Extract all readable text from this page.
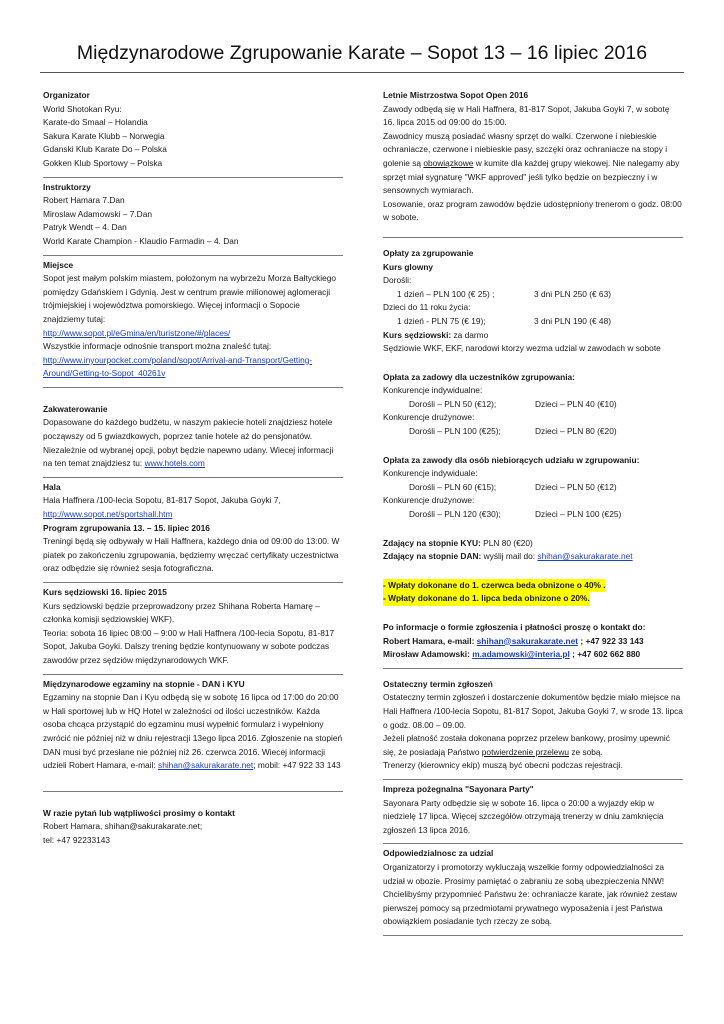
Międzynarodowe Zgrupowanie Karate – Sopot 13 – 16 lipiec 2016
Organizator
World Shotokan Ryu:
Karate-do Smaal – Holandia
Sakura Karate Klubb – Norwegia
Gdanski Klub Karate Do – Polska
Gokken Klub Sportowy – Polska
Instruktorzy
Robert Hamara 7.Dan
Miroslaw Adamowski – 7.Dan
Patryk Wendt – 4. Dan
World Karate Champion - Klaudio Farmadin – 4. Dan
Miejsce
Sopot jest małym polskim miastem, położonym na wybrzeżu Morza Bałtyckiego pomiędzy Gdańskiem i Gdynią. Jest w centrum prawie milionowej aglomeracji trójmiejskiej i województwa pomorskiego. Więcej informacji o Sopocie znajdziemy tutaj:
http://www.sopot.pl/eGmina/en/turistzone/#/places/
Wszystkie informacje odnośnie transport można znaleść tutaj:
http://www.inyourpocket.com/poland/sopot/Arrival-and-Transport/Getting-Around/Getting-to-Sopot_40261v
Zakwaterowanie
Dopasowane do każdego budżetu, w naszym pakiecie hoteli znajdziesz hotele począwszy od 5 gwiazdkowych, poprzez tanie hotele aż do pensjonatów. Niezależnie od wybranej opcji, pobyt będzie napewno udany. Wiecej informacji na ten temat znajdziesz tu: www.hotels.com
Hala
Hala Haffnera /100-lecia Sopotu, 81-817 Sopot, Jakuba Goyki 7,
http://www.sopot.net/sportshall.htm
Program zgrupowania 13. – 15. lipiec 2016
Treningi będą się odbywały w Hali Haffnera, każdego dnia od 09:00 do 13:00. W piatek po zakończeniu zgrupowania, będziemy wręczać certyfikaty uczestnictwa oraz odbędzie się również sesja fotograficzna.
Kurs sędziowski 16. lipiec 2015
Kurs sędziowski będzie przeprowadzony przez Shihana Roberta Hamarę – członka komisji sędziowskiej WKF).
Teoria: sobota 16 lipiec 08:00 – 9:00 w Hali Haffnera /100-lecia Sopotu, 81-817 Sopot, Jakuba Goyki. Dalszy trening będzie kontynuowany w sobote podczas zawodów przez sędziów międzynarodowych WKF.
Międzynarodowe egzaminy na stopnie - DAN i KYU
Egzaminy na stopnie Dan i Kyu odbędą się w sobotę 16 lipca od 17:00 do 20:00 w Hali sportowej lub w HQ Hotel w zależności od ilości uczestników. Każda osoba chcąca przystąpić do egzaminu musi wypełnić formularz i wypełniony zwrócić nie później niż w dniu rejestracji 13ego lipca 2016. Zgłoszenie na stopień DAN musi być przesłane nie później niż 26. czerwca 2016. Wiecej informacji udzieli Robert Hamara, e-mail: shihan@sakurakarate.net; mobil: +47 922 33 143
W razie pytań lub wątpliwości prosimy o kontakt
Robert Hamara, shihan@sakurakarate.net;
tel: +47 92233143
Letnie Mistrzostwa Sopot Open 2016
Zawody odbędą się w Hali Haffnera, 81-817 Sopot, Jakuba Goyki 7, w sobotę 16. lipca 2015 od 09:00 do 15:00.
Zawodnicy muszą posiadać własny sprzęt do walki. Czerwone i niebieskie ochraniacze, czerwone i niebieskie pasy, szczęki oraz ochraniacze na stopy i golenie są obowiązkowe w kumite dla każdej grupy wiekowej. Nie nalegamy aby sprzęt miał sygnaturę "WKF approved" jeśli tylko będzie on bezpieczny i w sensownych wymiarach.
Losowanie, oraz program zawodów będzie udostępniony trenerom o godz. 08:00 w sobote.
Opłaty za zgrupowanie
Kurs glowny
Dorośli:
1 dzień – PLN 100 (€ 25) ;	3 dni PLN 250 (€ 63)
Dzieci do 11 roku życia:
1 dzień - PLN 75 (€ 19);	3 dni PLN 190 (€ 48)
Kurs sędziowski: za darmo
Sędziowie WKF, EKF, narodowi ktorzy wezma udzial w zawodach w sobote
Opłata za zadowy dla uczestników zgrupowania:
Konkurencje indywidualne:
Dorośli – PLN 50 (€12);	Dzieci – PLN 40 (€10)
Konkurencje drużynowe:
Dorośli – PLN 100 (€25);	Dzieci – PLN 80 (€20)
Opłata za zawody dla osób niebiorących udziału w zgrupowaniu:
Konkurencje indywiduale:
Dorośli – PLN 60 (€15);	Dzieci – PLN 50 (€12)
Konkurencje drużynowe:
Dorośli – PLN 120 (€30);	Dzieci – PLN 100 (€25)
Zdający na stopnie KYU: PLN 80 (€20)
Zdający na stopnie DAN: wyślij mail do: shihan@sakurakarate.net
- Wpłaty dokonane do 1. czerwca beda obnizone o 40% .
- Wpłaty dokonane do 1. lipca beda obnizone o 20%.
Po informacje o formie zgłoszenia i płatności proszę o kontakt do:
Robert Hamara, e-mail: shihan@sakurakarate.net ; +47 922 33 143
Mirosław Adamowski: m.adamowski@interia.pl ; +47 602 662 880
Ostateczny termin zgłoszeń
Ostateczny termin zgłoszeń i dostarczenie dokumentów będzie miało miejsce na Hali Haffnera /100-lecia Sopotu, 81-817 Sopot, Jakuba Goyki 7, w srode 13. lipca o godz. 08.00 – 09.00.
Jeżeli płatność została dokonana poprzez przelew bankowy, prosimy upewnić się, że posiadają Państwo potwierdzenie przelewu ze sobą.
Trenerzy (kierownicy ekip) muszą być obecni podczas rejestracji.
Impreza pożegnalna "Sayonara Party"
Sayonara Party odbędzie się w sobote 16. lipca o 20:00 a wyjazdy ekip w niedzielę 17 lipca. Więcej szczegółów otrzymają trenerzy w dniu zamknięcia zgłoszeń 13 lipca 2016.
Odpowiedzialnosc za udzial
Organizatorzy i promotorzy wykluczają wszelkie formy odpowiedzialności za udział w obozie. Prosimy pamiętać o zabraniu ze sobą ubezpieczenia NNW!
Chcielibyśmy przypomnieć Państwu że: ochraniacze karate, jak również zestaw pierwszej pomocy są przedmiotami prywatnego wyposażenia i jest Państwa obowiązkiem posiadanie tych rzeczy ze sobą.
